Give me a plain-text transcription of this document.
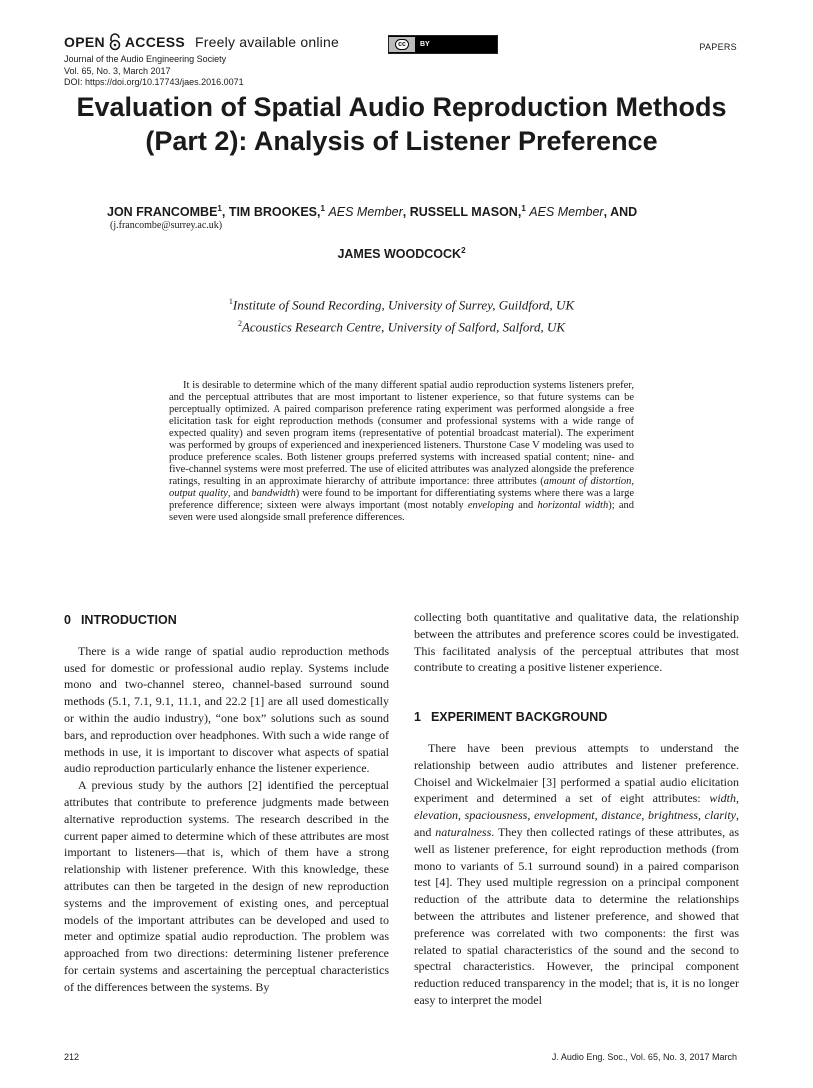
OPEN ACCESS Freely available online	cc	BY	PAPERS
Journal of the Audio Engineering Society
Vol. 65, No. 3, March 2017
DOI: https://doi.org/10.17743/jaes.2016.0071
Evaluation of Spatial Audio Reproduction Methods
(Part 2): Analysis of Listener Preference
JON FRANCOMBE$^1$, TIM BROOKES,$^1$ AES Member, RUSSELL MASON,$^1$ AES Member, AND
(j.francombe@surrey.ac.uk)
JAMES WOODCOCK$^2$
$^1$Institute of Sound Recording, University of Surrey, Guildford, UK
$^2$Acoustics Research Centre, University of Salford, Salford, UK

It is desirable to determine which of the many different spatial audio reproduction systems listeners prefer, and the perceptual attributes that are most important to listener experience, so that future systems can be perceptually optimized. A paired comparison preference rating experiment was performed alongside a free elicitation task for eight reproduction methods (consumer and professional systems with a wide range of expected quality) and seven program items (representative of potential broadcast material). The experiment was performed by groups of experienced and inexperienced listeners. Thurstone Case V modeling was used to produce preference scales. Both listener groups preferred systems with increased spatial content; nine- and five-channel systems were most preferred. The use of elicited attributes was analyzed alongside the preference ratings, resulting in an approximate hierarchy of attribute importance: three attributes (amount of distortion, output quality, and bandwidth) were found to be important for differentiating systems where there was a large preference difference; sixteen were always important (most notably enveloping and horizontal width); and seven were used alongside small preference differences.

0 INTRODUCTION

There is a wide range of spatial audio reproduction methods used for domestic or professional audio replay. Systems include mono and two-channel stereo, channel-based surround sound methods (5.1, 7.1, 9.1, 11.1, and 22.2 [1] are all used domestically or within the audio industry), “one box” solutions such as sound bars, and reproduction over headphones. With such a wide range of methods in use, it is important to discover what aspects of spatial audio reproduction particularly enhance the listener experience.

A previous study by the authors [2] identified the perceptual attributes that contribute to preference judgments made between alternative reproduction systems. The research described in the current paper aimed to determine which of these attributes are most important to listeners—that is, which of them have a strong relationship with listener preference. With this knowledge, these attributes can then be targeted in the design of new reproduction systems and the improvement of existing ones, and perceptual models of the important attributes can be developed and used to meter and optimize spatial audio reproduction. The problem was approached from two directions: determining listener preference for certain systems and ascertaining the perceptual characteristics of the differences between the systems. By

collecting both quantitative and qualitative data, the relationship between the attributes and preference scores could be investigated. This facilitated analysis of the perceptual attributes that most contribute to creating a positive listener experience.

1 EXPERIMENT BACKGROUND

There have been previous attempts to understand the relationship between audio attributes and listener preference. Choisel and Wickelmaier [3] performed a spatial audio elicitation experiment and determined a set of eight attributes: width, elevation, spaciousness, envelopment, distance, brightness, clarity, and naturalness. They then collected ratings of these attributes, as well as listener preference, for eight reproduction methods (from mono to variants of 5.1 surround sound) in a paired comparison test [4]. They used multiple regression on a principal component reduction of the attribute data to determine the relationships between the attributes and listener preference, and showed that preference was correlated with two components: the first was related to spatial characteristics of the sound and the second to spectral characteristics. However, the principal component reduction reduced transparency in the model; that is, it is no longer easy to interpret the model

212	J. Audio Eng. Soc., Vol. 65, No. 3, 2017 March
